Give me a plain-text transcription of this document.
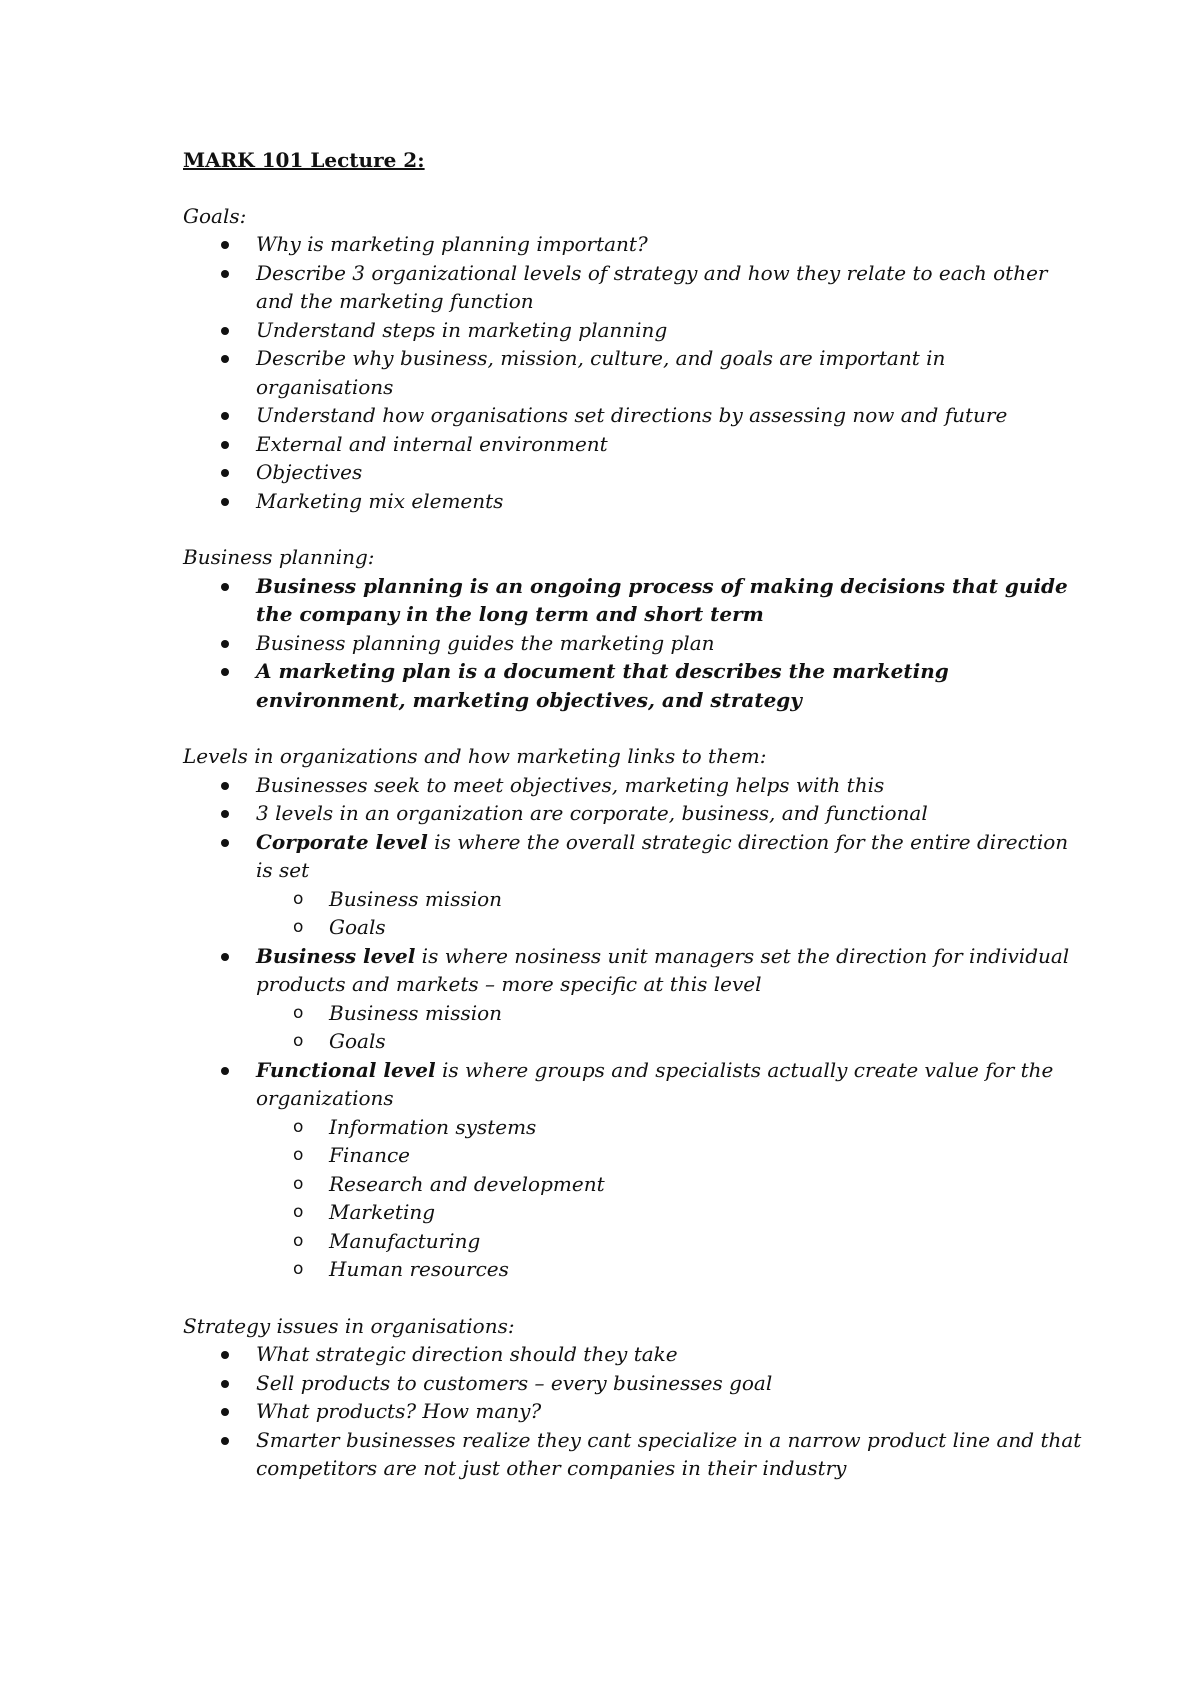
MARK 101 Lecture 2:

Goals:

Why is marketing planning important?
Describe 3 organizational levels of strategy and how they relate to each other and the marketing function
Understand steps in marketing planning
Describe why business, mission, culture, and goals are important in organisations
Understand how organisations set directions by assessing now and future
External and internal environment
Objectives
Marketing mix elements

Business planning:

Business planning is an ongoing process of making decisions that guide the company in the long term and short term
Business planning guides the marketing plan
A marketing plan is a document that describes the marketing environment, marketing objectives, and strategy

Levels in organizations and how marketing links to them:

Businesses seek to meet objectives, marketing helps with this
3 levels in an organization are corporate, business, and functional
Corporate level is where the overall strategic direction for the entire direction is set
o Business mission
o Goals
Business level is where nosiness unit managers set the direction for individual products and markets – more specific at this level
o Business mission
o Goals
Functional level is where groups and specialists actually create value for the organizations
o Information systems
o Finance
o Research and development
o Marketing
o Manufacturing
o Human resources

Strategy issues in organisations:

What strategic direction should they take
Sell products to customers – every businesses goal
What products? How many?
Smarter businesses realize they cant specialize in a narrow product line and that competitors are not just other companies in their industry
